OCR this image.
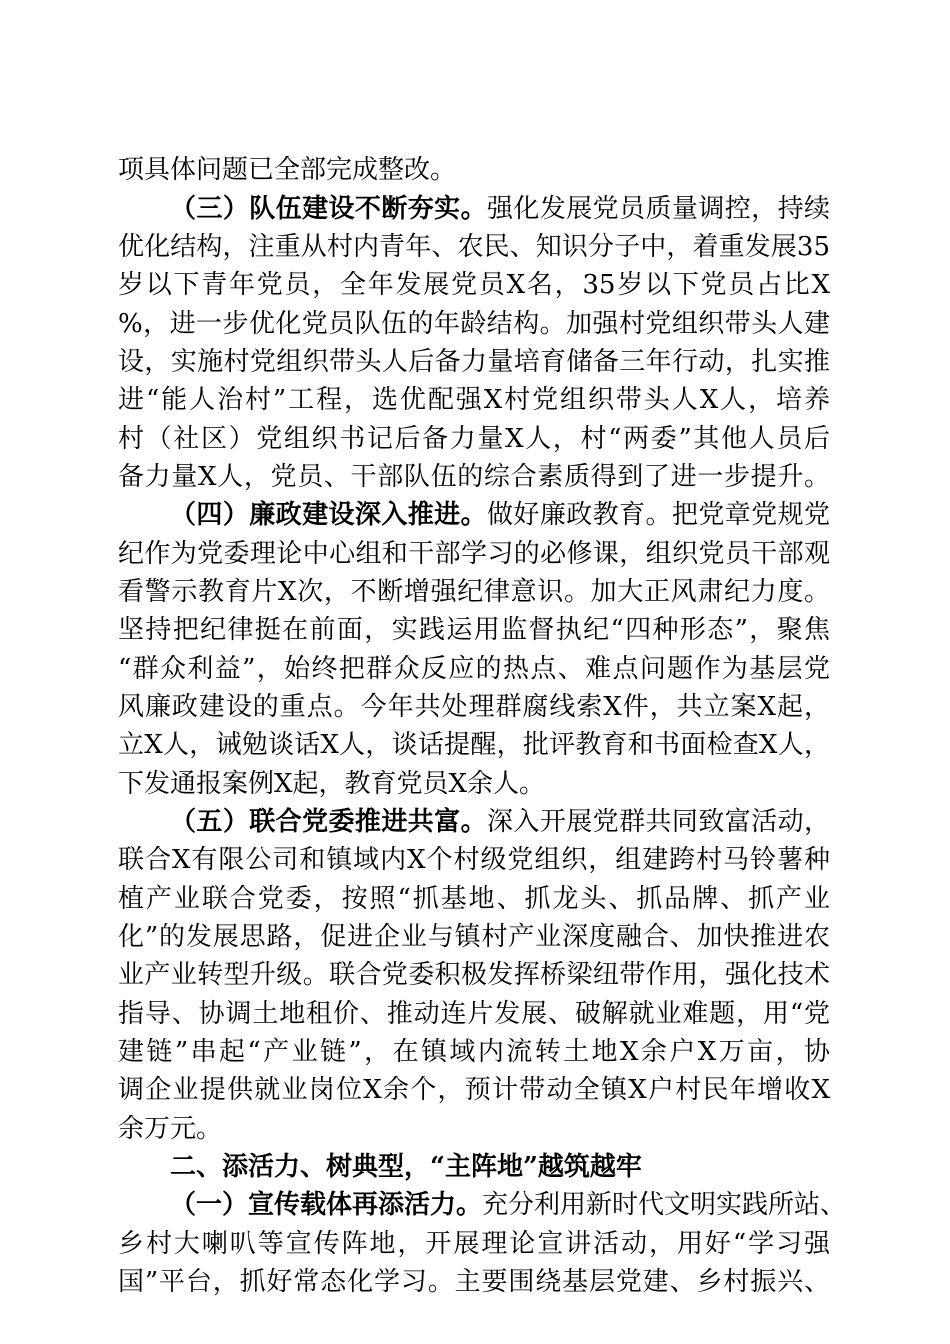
项具体问题已全部完成整改。
（三）队伍建设不断夯实。强化发展党员质量调控，持续
优化结构，注重从村内青年、农民、知识分子中，着重发展35
岁以下青年党员，全年发展党员X名，35岁以下党员占比X
%，进一步优化党员队伍的年龄结构。加强村党组织带头人建
设，实施村党组织带头人后备力量培育储备三年行动，扎实推
进“能人治村”工程，选优配强X村党组织带头人X人，培养
村（社区）党组织书记后备力量X人，村“两委”其他人员后
备力量X人，党员、干部队伍的综合素质得到了进一步提升。
（四）廉政建设深入推进。做好廉政教育。把党章党规党
纪作为党委理论中心组和干部学习的必修课，组织党员干部观
看警示教育片X次，不断增强纪律意识。加大正风肃纪力度。
坚持把纪律挺在前面，实践运用监督执纪“四种形态”，聚焦
“群众利益”，始终把群众反应的热点、难点问题作为基层党
风廉政建设的重点。今年共处理群腐线索X件，共立案X起，
立X人，诫勉谈话X人，谈话提醒，批评教育和书面检查X人，
下发通报案例X起，教育党员X余人。
（五）联合党委推进共富。深入开展党群共同致富活动，
联合X有限公司和镇域内X个村级党组织，组建跨村马铃薯种
植产业联合党委，按照“抓基地、抓龙头、抓品牌、抓产业
化”的发展思路，促进企业与镇村产业深度融合、加快推进农
业产业转型升级。联合党委积极发挥桥梁纽带作用，强化技术
指导、协调土地租价、推动连片发展、破解就业难题，用“党
建链”串起“产业链”，在镇域内流转土地X余户X万亩，协
调企业提供就业岗位X余个，预计带动全镇X户村民年增收X
余万元。
二、添活力、树典型，“主阵地”越筑越牢
（一）宣传载体再添活力。充分利用新时代文明实践所站、
乡村大喇叭等宣传阵地，开展理论宣讲活动，用好“学习强
国”平台，抓好常态化学习。主要围绕基层党建、乡村振兴、
